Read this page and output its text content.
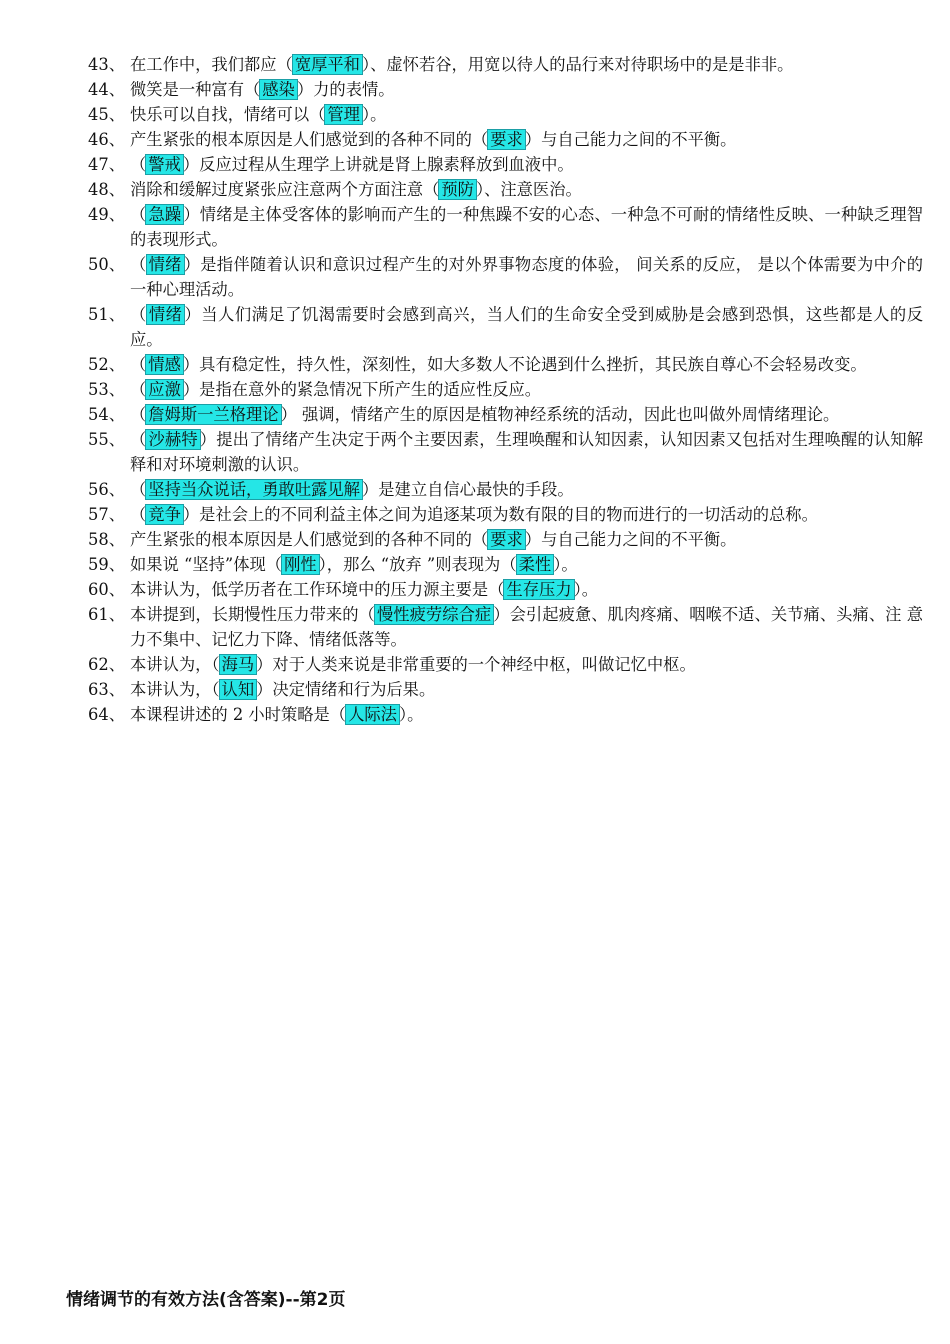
43、 在工作中，我们都应（ 宽厚平和 ）、虚怀若谷，用宽以待人的品行来对待职场中的是是非非。
44、 微笑是一种富有（ 感染 ）力的表情。
45、 快乐可以自找，情绪可以（ 管理 ）。
46、 产生紧张的根本原因是人们感觉到的各种不同的（ 要求 ）与自己能力之间的不平衡。
47、 （ 警戒 ）反应过程从生理学上讲就是肾上腺素释放到血液中。
48、 消除和缓解过度紧张应注意两个方面注意（ 预防 ）、注意医治。
49、 （ 急躁 ）情绪是主体受客体的影响而产生的一种焦躁不安的心态、一种急不可耐的情绪性反映、一种缺乏理智的表现形式。
50、 （ 情绪 ）是指伴随着认识和意识过程产生的对外界事物态度的体验， 间关系的反应， 是以个体需要为中介的一种心理活动。
51、 （ 情绪 ）当人们满足了饥渴需要时会感到高兴，当人们的生命安全受到威胁是会感到恐惧，这些都是人的反应。
52、 （ 情感 ）具有稳定性，持久性，深刻性，如大多数人不论遇到什么挫折，其民族自尊心不会轻易改变。
53、 （ 应激 ）是指在意外的紧急情况下所产生的适应性反应。
54、 （ 詹姆斯一兰格理论 ） 强调，情绪产生的原因是植物神经系统的活动，因此也叫做外周情绪理论。
55、 （ 沙赫特 ）提出了情绪产生决定于两个主要因素，生理唤醒和认知因素，认知因素又包括对生理唤醒的认知解释和对环境刺激的认识。
56、 （ 坚持当众说话，勇敢吐露见解 ）是建立自信心最快的手段。
57、 （ 竞争 ）是社会上的不同利益主体之间为追逐某项为数有限的目的物而进行的一切活动的总称。
58、 产生紧张的根本原因是人们感觉到的各种不同的（ 要求 ）与自己能力之间的不平衡。
59、 如果说 “坚持”体现（ 刚性 ），那么 “放弃 ”则表现为（ 柔性 ）。
60、 本讲认为，低学历者在工作环境中的压力源主要是（ 生存压力 ）。
61、 本讲提到，长期慢性压力带来的（ 慢性疲劳综合症 ）会引起疲惫、肌肉疼痛、咽喉不适、关节痛、头痛、注 意力不集中、记忆力下降、情绪低落等。
62、 本讲认为，（ 海马 ）对于人类来说是非常重要的一个神经中枢，叫做记忆中枢。
63、 本讲认为，（ 认知 ）决定情绪和行为后果。
64、 本课程讲述的 2 小时策略是（ 人际法 ）。
情绪调节的有效方法(含答案)--第2页
